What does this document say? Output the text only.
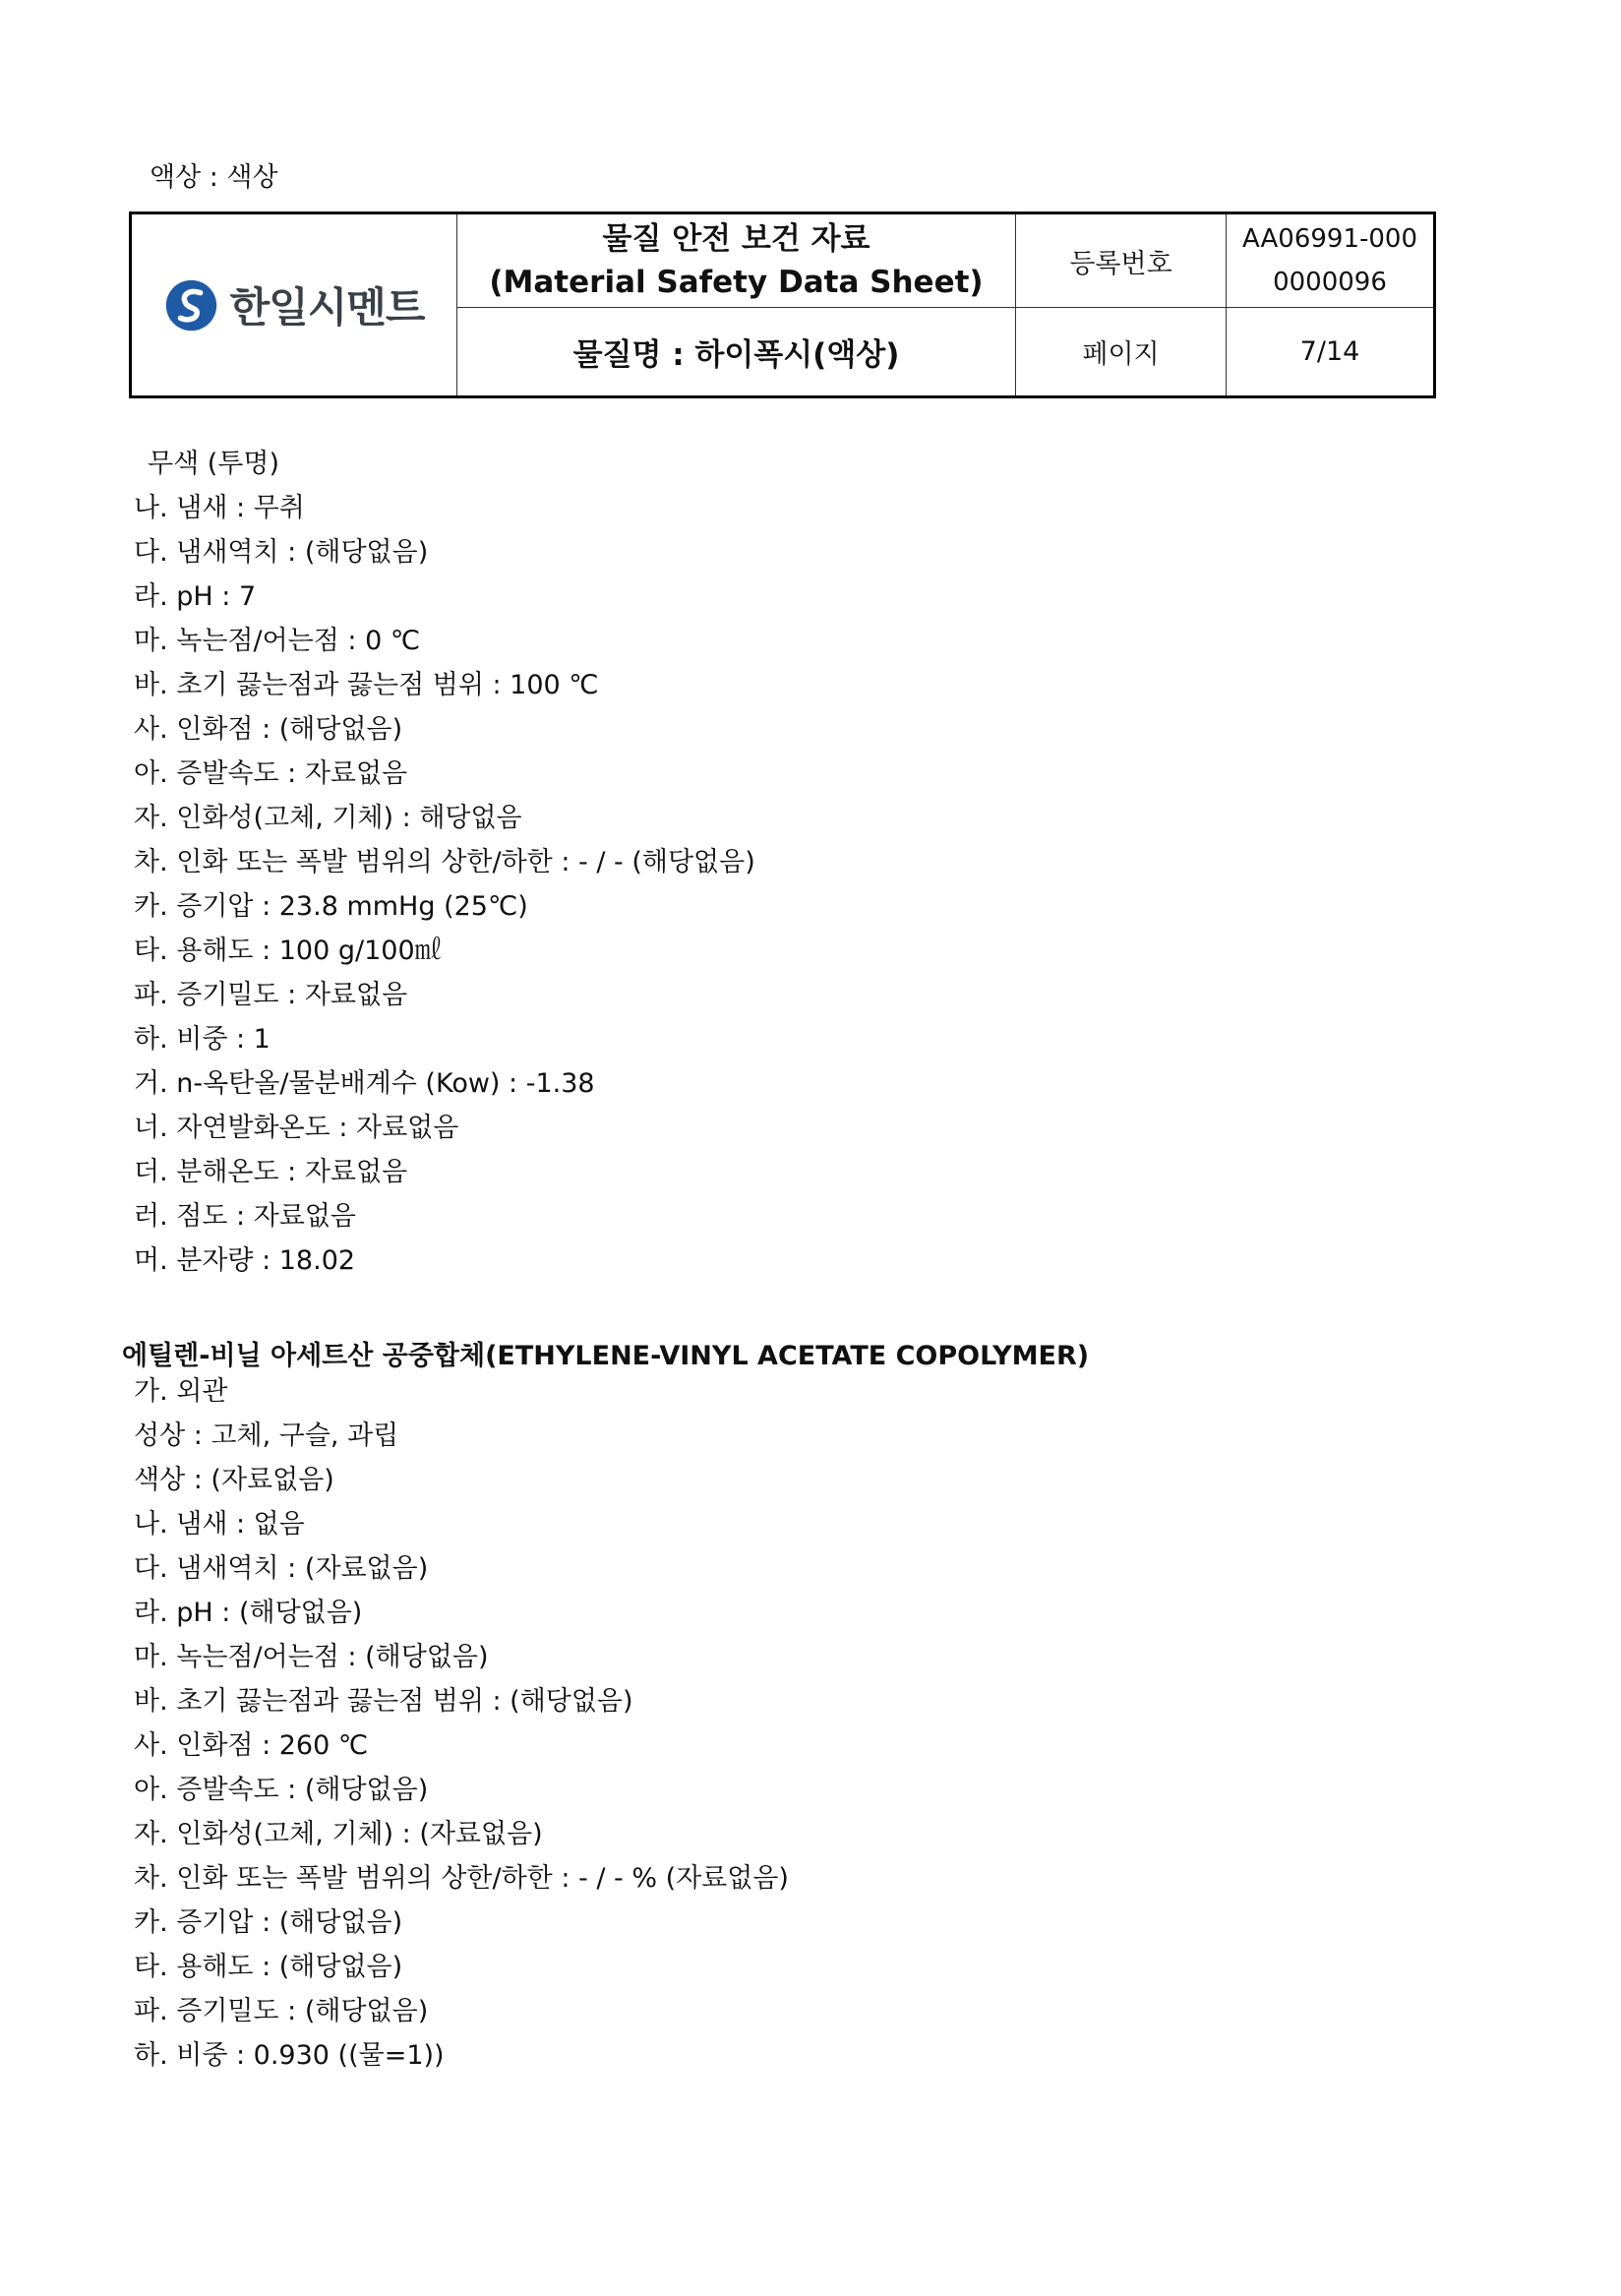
액상 : 색상
한일시멘트
물질 안전 보건 자료
(Material Safety Data Sheet)
등록번호
AA06991-000
0000096
물질명 : 하이폭시(액상)	페이지	7/14
무색 (투명)
나. 냄새 : 무취
다. 냄새역치 : (해당없음)
라. pH : 7
마. 녹는점/어는점 : 0 ℃
바. 초기 끓는점과 끓는점 범위 : 100 ℃
사. 인화점 : (해당없음)
아. 증발속도 : 자료없음
자. 인화성(고체, 기체) : 해당없음
차. 인화 또는 폭발 범위의 상한/하한 : - / - (해당없음)
카. 증기압 : 23.8 mmHg (25℃)
타. 용해도 : 100 g/100㎖
파. 증기밀도 : 자료없음
하. 비중 : 1
거. n-옥탄올/물분배계수 (Kow) : -1.38
너. 자연발화온도 : 자료없음
더. 분해온도 : 자료없음
러. 점도 : 자료없음
머. 분자량 : 18.02
에틸렌-비닐 아세트산 공중합체(ETHYLENE-VINYL ACETATE COPOLYMER)
가. 외관
성상 : 고체, 구슬, 과립
색상 : (자료없음)
나. 냄새 : 없음
다. 냄새역치 : (자료없음)
라. pH : (해당없음)
마. 녹는점/어는점 : (해당없음)
바. 초기 끓는점과 끓는점 범위 : (해당없음)
사. 인화점 : 260 ℃
아. 증발속도 : (해당없음)
자. 인화성(고체, 기체) : (자료없음)
차. 인화 또는 폭발 범위의 상한/하한 : - / - % (자료없음)
카. 증기압 : (해당없음)
타. 용해도 : (해당없음)
파. 증기밀도 : (해당없음)
하. 비중 : 0.930 ((물=1))
